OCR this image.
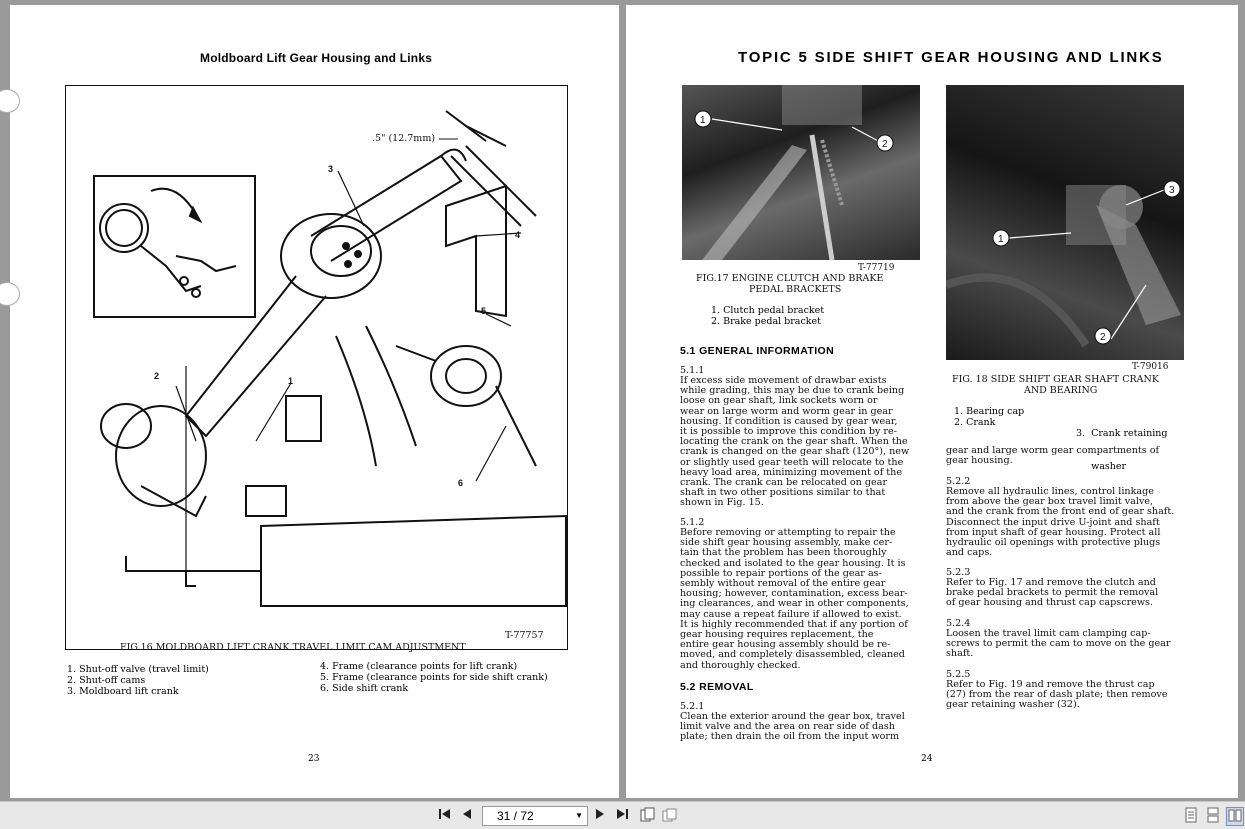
Moldboard Lift Gear Housing and Links
1
2
3
4
5
6
.5" (12.7mm)
T-77757
FIG.16 MOLDBOARD LIFT CRANK TRAVEL LIMIT CAM ADJUSTMENT
1. Shut-off valve (travel limit)
2. Shut-off cams
3. Moldboard lift crank
4. Frame (clearance points for lift crank)
5. Frame (clearance points for side shift crank)
6. Side shift crank
23
TOPIC 5 SIDE SHIFT GEAR HOUSING AND LINKS
1
2
T-77719
FIG.17 ENGINE CLUTCH AND BRAKE
PEDAL BRACKETS
1. Clutch pedal bracket
2. Brake pedal bracket
1
2
3
T-79016
FIG. 18 SIDE SHIFT GEAR SHAFT CRANK
AND BEARING
1. Bearing cap
2. Crank

3.  Crank retaining

washer

5.1 GENERAL INFORMATION
5.1.1
If excess side movement of drawbar exists
while grading, this may be due to crank being
loose on gear shaft, link sockets worn or
wear on large worm and worm gear in gear
housing. If condition is caused by gear wear,
it is possible to improve this condition by re-
locating the crank on the gear shaft. When the
crank is changed on the gear shaft (120°), new
or slightly used gear teeth will relocate to the
heavy load area, minimizing movement of the
crank. The crank can be relocated on gear
shaft in two other positions similar to that
shown in Fig. 15.
5.1.2
Before removing or attempting to repair the
side shift gear housing assembly, make cer-
tain that the problem has been thoroughly
checked and isolated to the gear housing. It is
possible to repair portions of the gear as-
sembly without removal of the entire gear
housing; however, contamination, excess bear-
ing clearances, and wear in other components,
may cause a repeat failure if allowed to exist.
It is highly recommended that if any portion of
gear housing requires replacement, the
entire gear housing assembly should be re-
moved, and completely disassembled, cleaned
and thoroughly checked.
5.2 REMOVAL
5.2.1
Clean the exterior around the gear box, travel
limit valve and the area on rear side of dash
plate; then drain the oil from the input worm
gear and large worm gear compartments of
gear housing.
5.2.2
Remove all hydraulic lines, control linkage
from above the gear box travel limit valve,
and the crank from the front end of gear shaft.
Disconnect the input drive U-joint and shaft
from input shaft of gear housing. Protect all
hydraulic oil openings with protective plugs
and caps.
5.2.3
Refer to Fig. 17 and remove the clutch and
brake pedal brackets to permit the removal
of gear housing and thrust cap capscrews.
5.2.4
Loosen the travel limit cam clamping cap-
screws to permit the cam to move on the gear
shaft.
5.2.5
Refer to Fig. 19 and remove the thrust cap
(27) from the rear of dash plate; then remove
gear retaining washer (32).
24
31 / 72	▼
